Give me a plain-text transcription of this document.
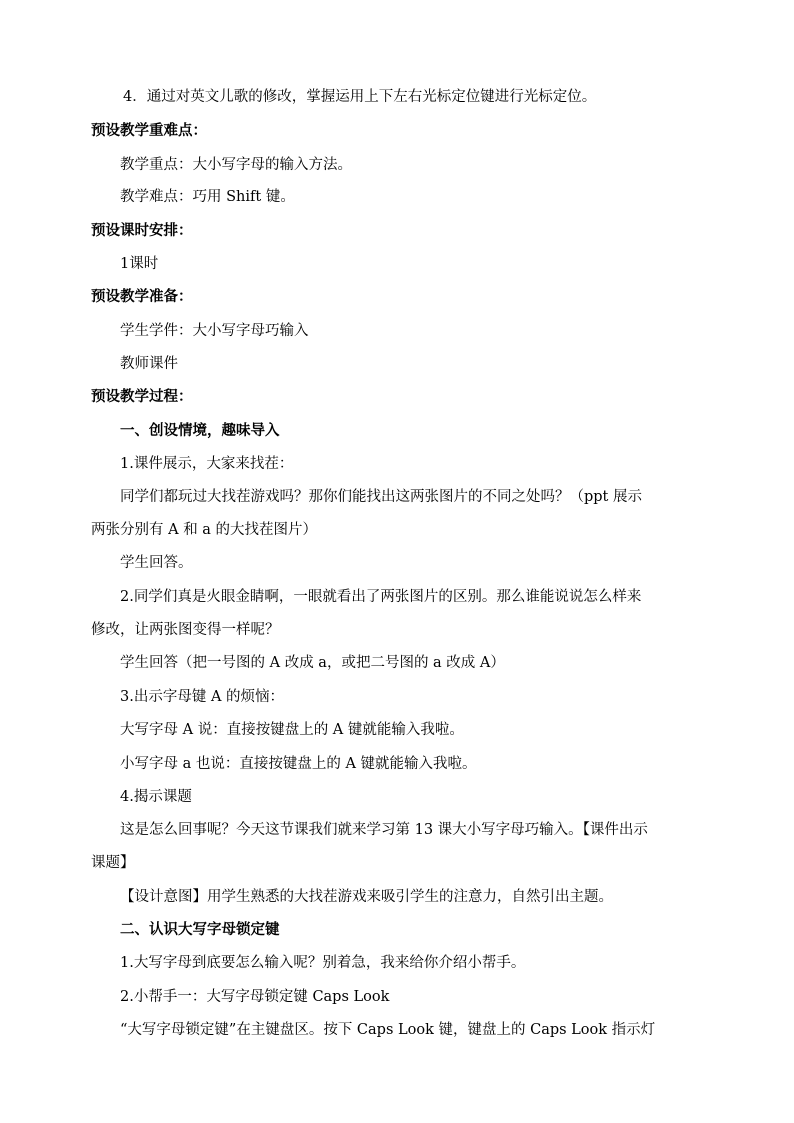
4．通过对英文儿歌的修改，掌握运用上下左右光标定位键进行光标定位。
预设教学重难点：
教学重点：大小写字母的输入方法。
教学难点：巧用 Shift 键。
预设课时安排：
1课时
预设教学准备：
学生学件：大小写字母巧输入
教师课件
预设教学过程：
一、创设情境，趣味导入
1.课件展示，大家来找茬：
同学们都玩过大找茬游戏吗？那你们能找出这两张图片的不同之处吗？（ppt 展示
两张分别有 A 和 a 的大找茬图片）
学生回答。
2.同学们真是火眼金睛啊，一眼就看出了两张图片的区别。那么谁能说说怎么样来
修改，让两张图变得一样呢？
学生回答（把一号图的 A 改成 a，或把二号图的 a 改成 A）
3.出示字母键 A 的烦恼：
大写字母 A 说：直接按键盘上的 A 键就能输入我啦。
小写字母 a 也说：直接按键盘上的 A 键就能输入我啦。
4.揭示课题
这是怎么回事呢？今天这节课我们就来学习第 13 课大小写字母巧输入。【课件出示
课题】
【设计意图】用学生熟悉的大找茬游戏来吸引学生的注意力，自然引出主题。
二、认识大写字母锁定键
1.大写字母到底要怎么输入呢？别着急，我来给你介绍小帮手。
2.小帮手一：大写字母锁定键 Caps Look
“大写字母锁定键”在主键盘区。按下 Caps Look 键，键盘上的 Caps Look 指示灯
